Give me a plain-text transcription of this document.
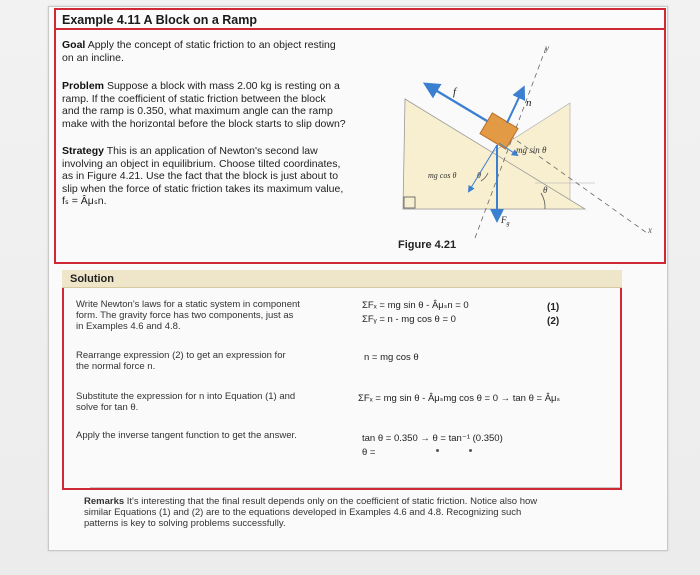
Example 4.11 A Block on a Ramp
Goal Apply the concept of static friction to an object resting
on an incline.
Problem Suppose a block with mass 2.00 kg is resting on a
ramp. If the coefficient of static friction between the block
and the ramp is 0.350, what maximum angle can the ramp
make with the horizontal before the block starts to slip down?
Strategy This is an application of Newton's second law
involving an object in equilibrium. Choose tilted coordinates,
as in Figure 4.21. Use the fact that the block is just about to
slip when the force of static friction takes its maximum value,
fₛ = Âμₛn.
f
n
y
x
mg sin θ
mg cos θ	θ
θ
$F_g$
Figure 4.21
Solution
Write Newton's laws for a static system in component
form. The gravity force has two components, just as
in Examples 4.6 and 4.8.
ΣFₓ = mg sin θ - Âμₛn = 0
ΣFᵧ = n - mg cos θ = 0
(1)
(2)
Rearrange expression (2) to get an expression for
the normal force n.
n = mg cos θ
Substitute the expression for n into Equation (1) and
solve for tan θ.
ΣFₓ = mg sin θ - Âμₛmg cos θ = 0 → tan θ = Âμₛ
Apply the inverse tangent function to get the answer.	tan θ = 0.350 → θ = tan⁻¹ (0.350)
θ =
Remarks It's interesting that the final result depends only on the coefficient of static friction. Notice also how
similar Equations (1) and (2) are to the equations developed in Examples 4.6 and 4.8. Recognizing such
patterns is key to solving problems successfully.
